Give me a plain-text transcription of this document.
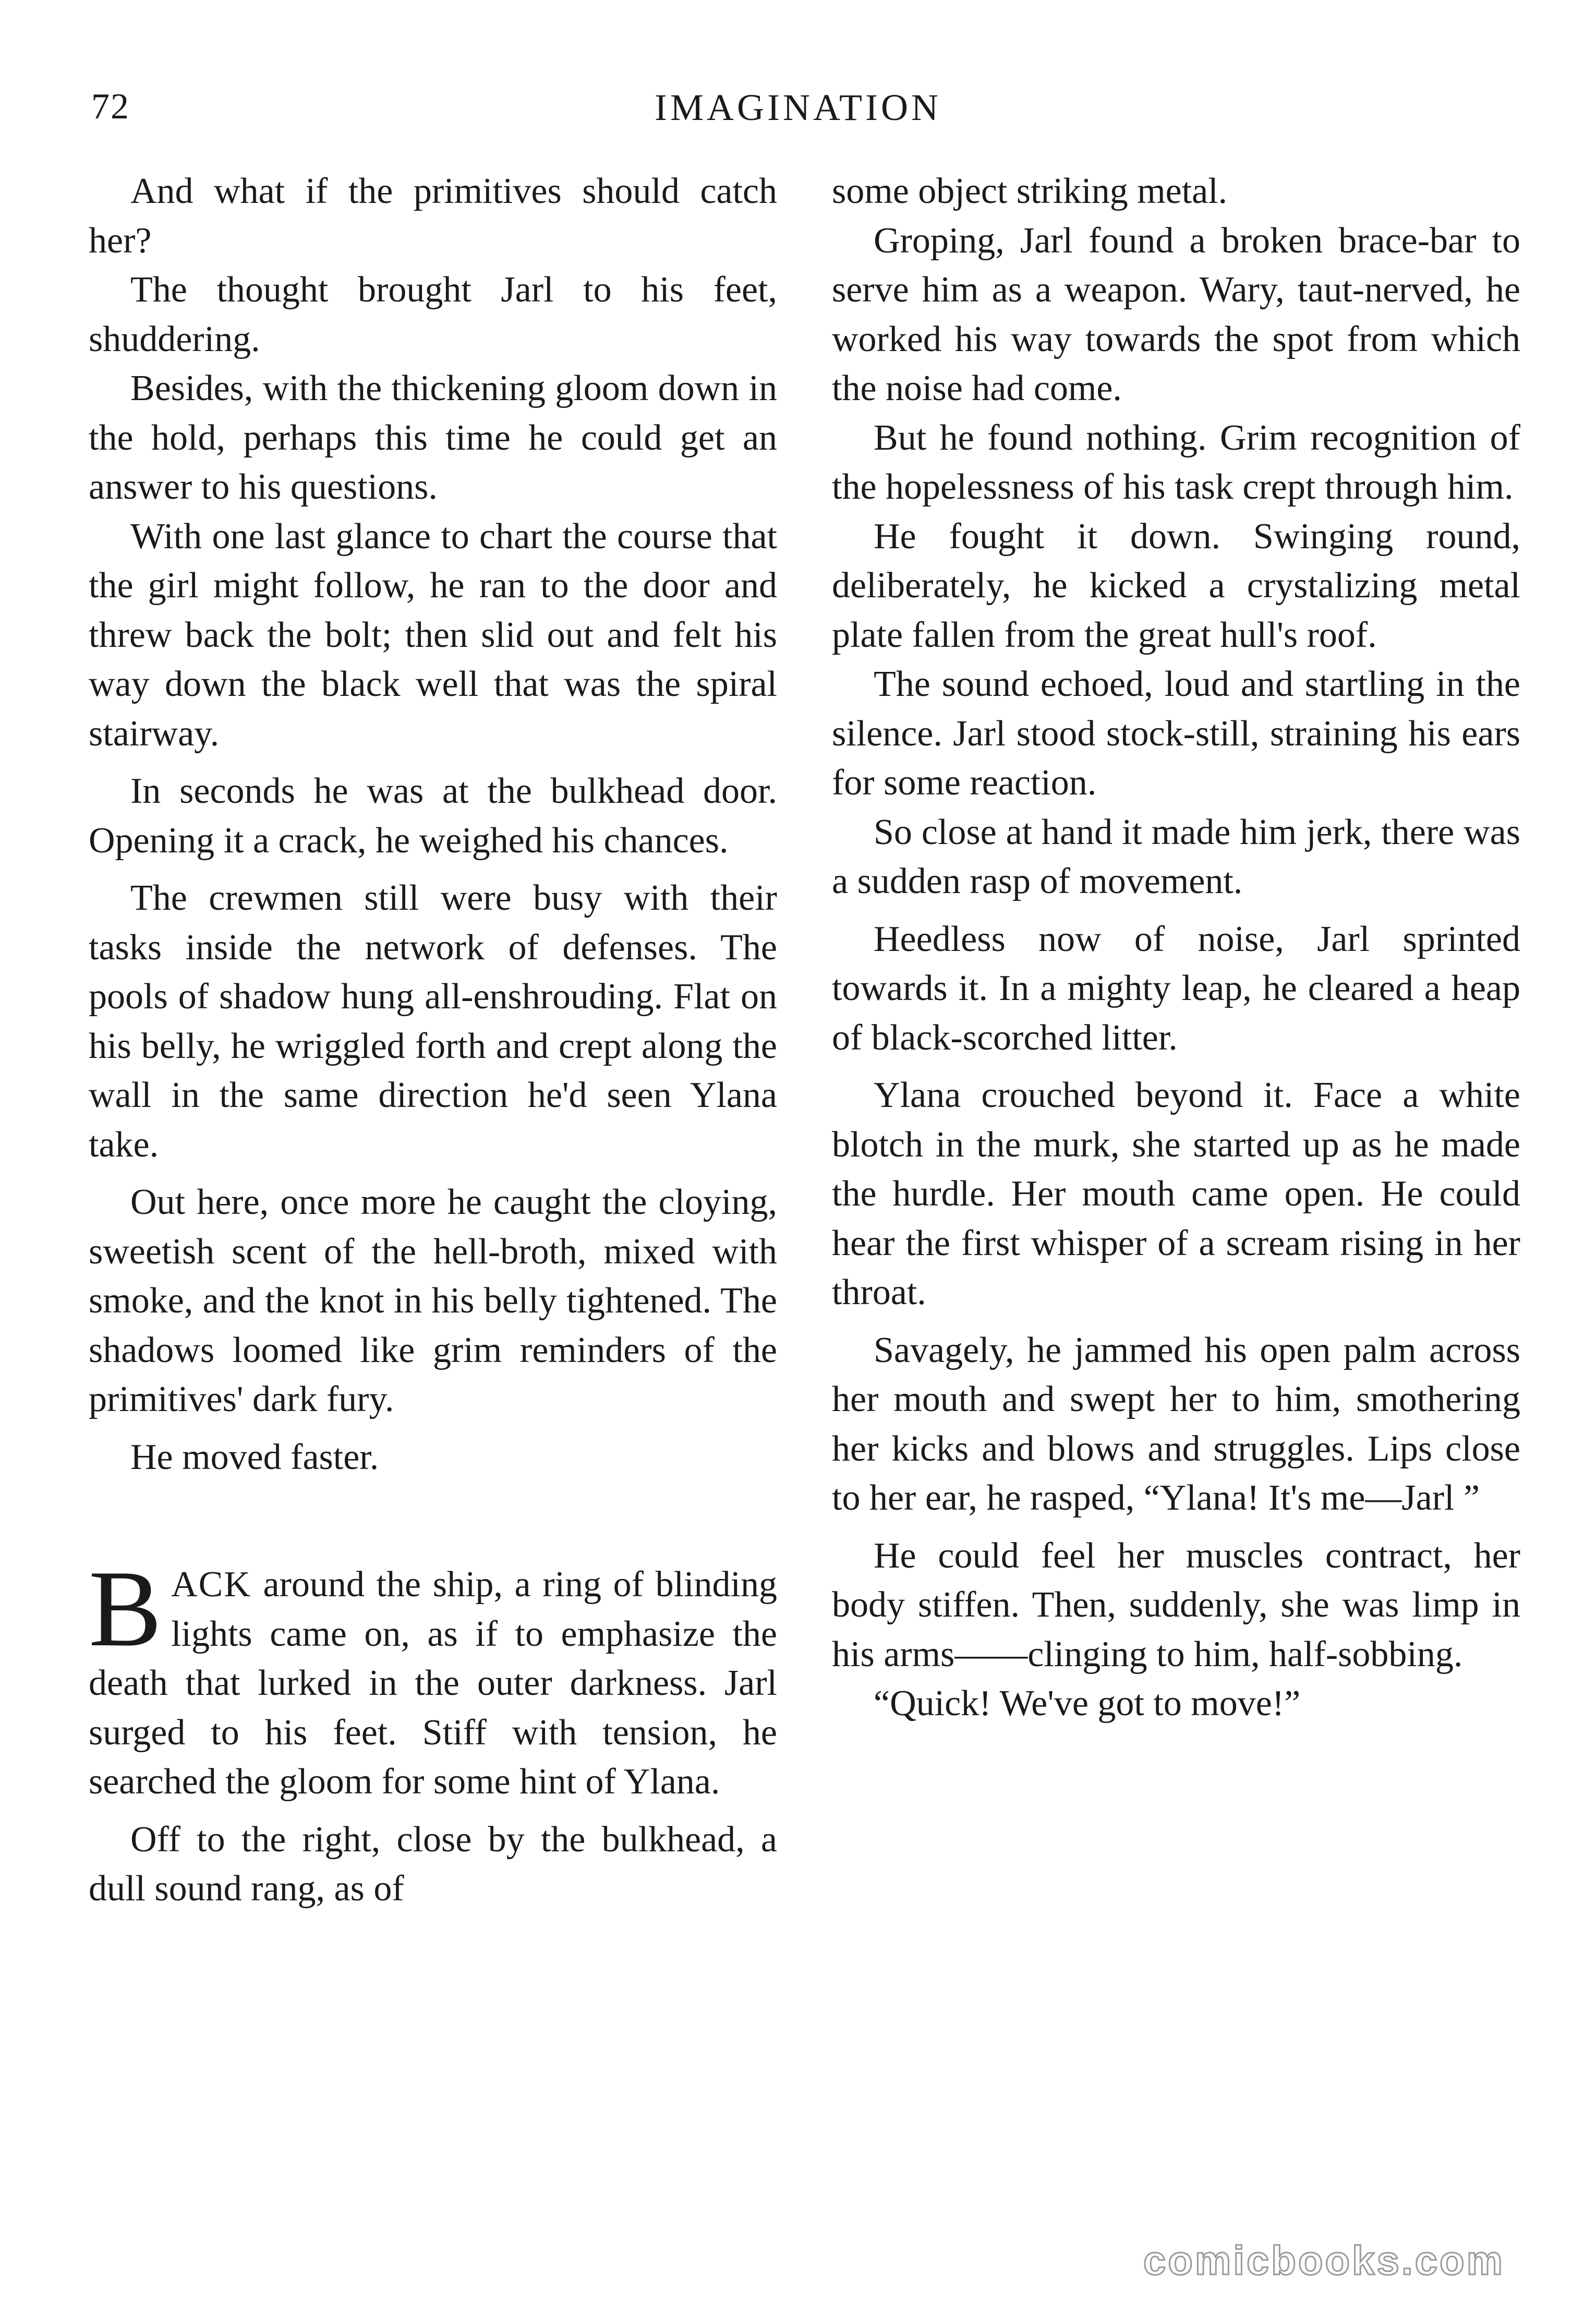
72	IMAGINATION

And what if the primitives should catch her?

The thought brought Jarl to his feet, shuddering.

Besides, with the thickening gloom down in the hold, perhaps this time he could get an answer to his questions.

With one last glance to chart the course that the girl might follow, he ran to the door and threw back the bolt; then slid out and felt his way down the black well that was the spiral stairway.

In seconds he was at the bulkhead door. Opening it a crack, he weighed his chances.

The crewmen still were busy with their tasks inside the network of defenses. The pools of shadow hung all-enshrouding. Flat on his belly, he wriggled forth and crept along the wall in the same direction he'd seen Ylana take.

Out here, once more he caught the cloying, sweetish scent of the hell-broth, mixed with smoke, and the knot in his belly tightened. The shadows loomed like grim reminders of the primitives' dark fury.

He moved faster.

BACK around the ship, a ring of blinding lights came on, as if to emphasize the death that lurked in the outer darkness. Jarl surged to his feet. Stiff with tension, he searched the gloom for some hint of Ylana.

Off to the right, close by the bulkhead, a dull sound rang, as of

some object striking metal.

Groping, Jarl found a broken brace-bar to serve him as a weapon. Wary, taut-nerved, he worked his way towards the spot from which the noise had come.

But he found nothing. Grim recognition of the hopelessness of his task crept through him.

He fought it down. Swinging round, deliberately, he kicked a crystalizing metal plate fallen from the great hull's roof.

The sound echoed, loud and startling in the silence. Jarl stood stock-still, straining his ears for some reaction.

So close at hand it made him jerk, there was a sudden rasp of movement.

Heedless now of noise, Jarl sprinted towards it. In a mighty leap, he cleared a heap of black-scorched litter.

Ylana crouched beyond it. Face a white blotch in the murk, she started up as he made the hurdle. Her mouth came open. He could hear the first whisper of a scream rising in her throat.

Savagely, he jammed his open palm across her mouth and swept her to him, smothering her kicks and blows and struggles. Lips close to her ear, he rasped, “Ylana! It's me—Jarl ”

He could feel her muscles contract, her body stiffen. Then, suddenly, she was limp in his arms——clinging to him, half-sobbing.

“Quick! We've got to move!”

comicbooks.com
